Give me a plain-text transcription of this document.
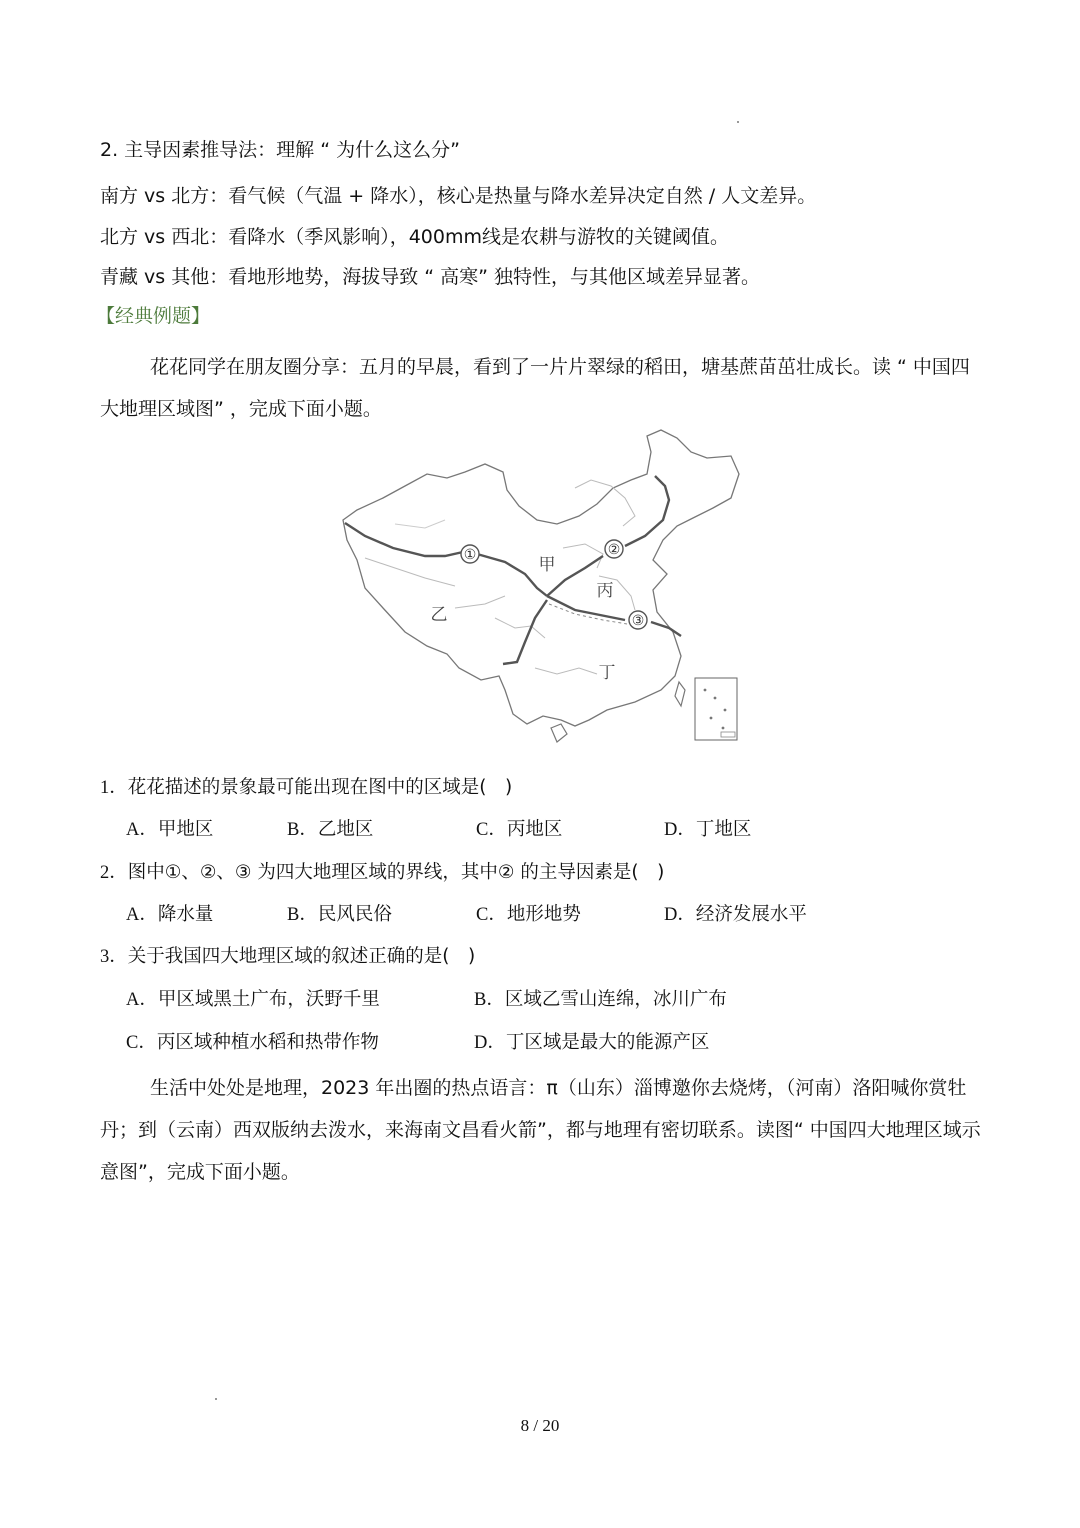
2. 主导因素推导法：理解 “ 为什么这么分”
南方 vs 北方：看气候（气温 + 降水），核心是热量与降水差异决定自然 / 人文差异。
北方 vs 西北：看降水（季风影响），400mm线是农耕与游牧的关键阈值。
青藏 vs 其他：看地形地势，海拔导致 “ 高寒” 独特性，与其他区域差异显著。
【经典例题】
花花同学在朋友圈分享：五月的早晨，看到了一片片翠绿的稻田，塘基蔗苗茁壮成长。读 “ 中国四大地理区域图” ，完成下面小题。
①	②
③
甲
乙
丙
丁
1．花花描述的景象最可能出现在图中的区域是(　)
A．甲地区	B．乙地区	C．丙地区	D．丁地区
2．图中①、②、③ 为四大地理区域的界线，其中② 的主导因素是(　)
A．降水量	B．民风民俗	C．地形地势	D．经济发展水平
3．关于我国四大地理区域的叙述正确的是(　)
A．甲区域黑土广布，沃野千里	B．区域乙雪山连绵，冰川广布
C．丙区域种植水稻和热带作物	D．丁区域是最大的能源产区
生活中处处是地理，2023 年出圈的热点语言：π（山东）淄博邀你去烧烤，（河南）洛阳喊你赏牡丹；到（云南）西双版纳去泼水，来海南文昌看火箭”，都与地理有密切联系。读图“ 中国四大地理区域示意图”，完成下面小题。
8 / 20
